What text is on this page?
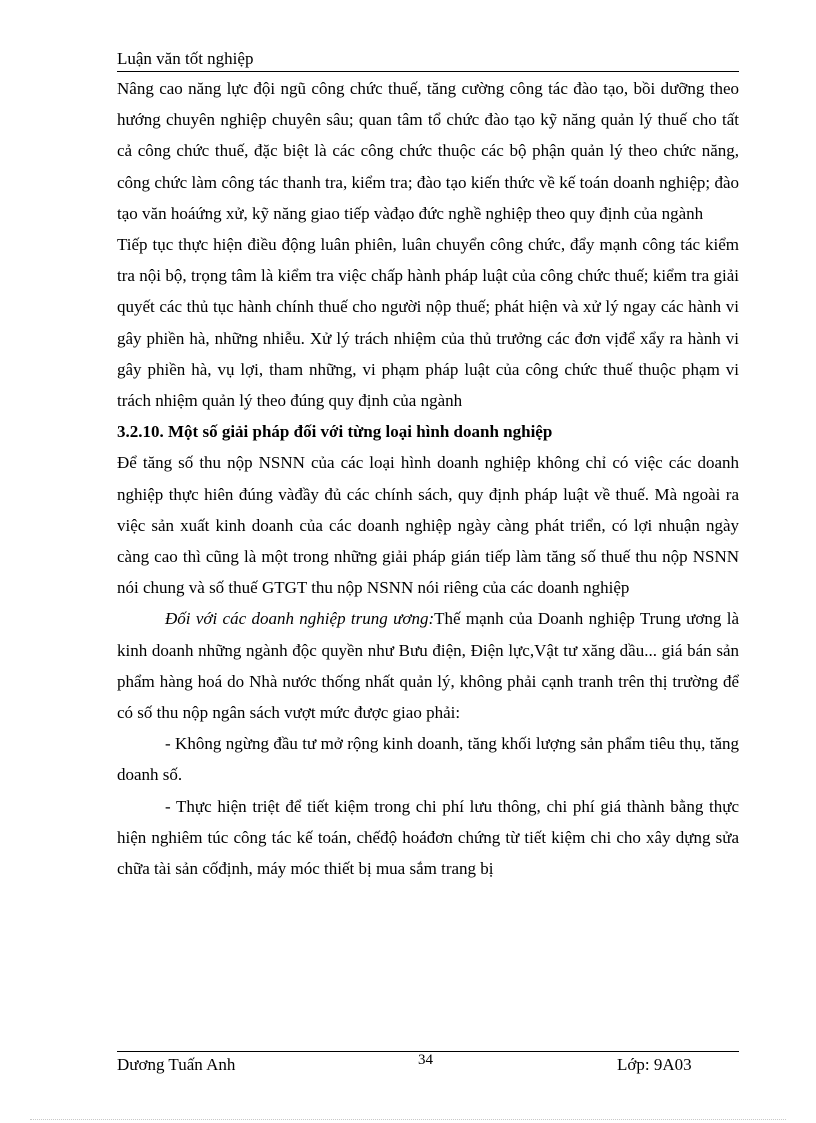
Luận văn tốt nghiệp

Nâng cao năng lực đội ngũ công chức thuế, tăng cường công tác đào tạo, bồi dưỡng theo hướng chuyên nghiệp chuyên sâu; quan tâm tổ chức đào tạo kỹ năng quản lý thuế cho tất cả công chức thuế, đặc biệt là các công chức thuộc các bộ phận quản lý theo chức năng, công chức làm công tác thanh tra, kiểm tra; đào tạo kiến thức về kế toán doanh nghiệp; đào tạo văn hoáứng xử, kỹ năng giao tiếp vàđạo đức nghề nghiệp theo quy định của ngành

Tiếp tục thực hiện điều động luân phiên, luân chuyển công chức, đẩy mạnh công tác kiểm tra nội bộ, trọng tâm là kiểm tra việc chấp hành pháp luật của công chức thuế; kiểm tra giải quyết các thủ tục hành chính thuế cho người nộp thuế; phát hiện và xử lý ngay các hành vi gây phiền hà, những nhiễu. Xử lý trách nhiệm của thủ trưởng các đơn vịđể xẩy ra hành vi gây phiền hà, vụ lợi, tham những, vi phạm pháp luật của công chức thuế thuộc phạm vi trách nhiệm quản lý theo đúng quy định của ngành

3.2.10. Một số giải pháp đối với từng loại hình doanh nghiệp

Để tăng số thu nộp NSNN của các loại hình doanh nghiệp không chỉ có việc các doanh nghiệp thực hiên đúng vàđầy đủ các chính sách, quy định pháp luật về thuế. Mà ngoài ra việc sản xuất kinh doanh của các doanh nghiệp ngày càng phát triển, có lợi nhuận ngày càng cao thì cũng là một trong những giải pháp gián tiếp làm tăng số thuế thu nộp NSNN nói chung và số thuế GTGT thu nộp NSNN nói riêng của các doanh nghiệp

Đối với các doanh nghiệp trung ương:Thế mạnh của Doanh nghiệp Trung ương là kinh doanh những ngành độc quyền như Bưu điện, Điện lực,Vật tư xăng dầu... giá bán sản phẩm hàng hoá do Nhà nước thống nhất quản lý, không phải cạnh tranh trên thị trường để có số thu nộp ngân sách vượt mức được giao phải:

- Không ngừng đầu tư mở rộng kinh doanh, tăng khối lượng sản phẩm tiêu thụ, tăng doanh số.

- Thực hiện triệt để tiết kiệm trong chi phí lưu thông, chi phí giá thành bằng thực hiện nghiêm túc công tác kế toán, chếđộ hoáđơn chứng từ tiết kiệm chi cho xây dựng sửa chữa tài sản cốđịnh, máy móc thiết bị mua sắm trang bị

Dương Tuấn Anh	34	Lớp: 9A03
